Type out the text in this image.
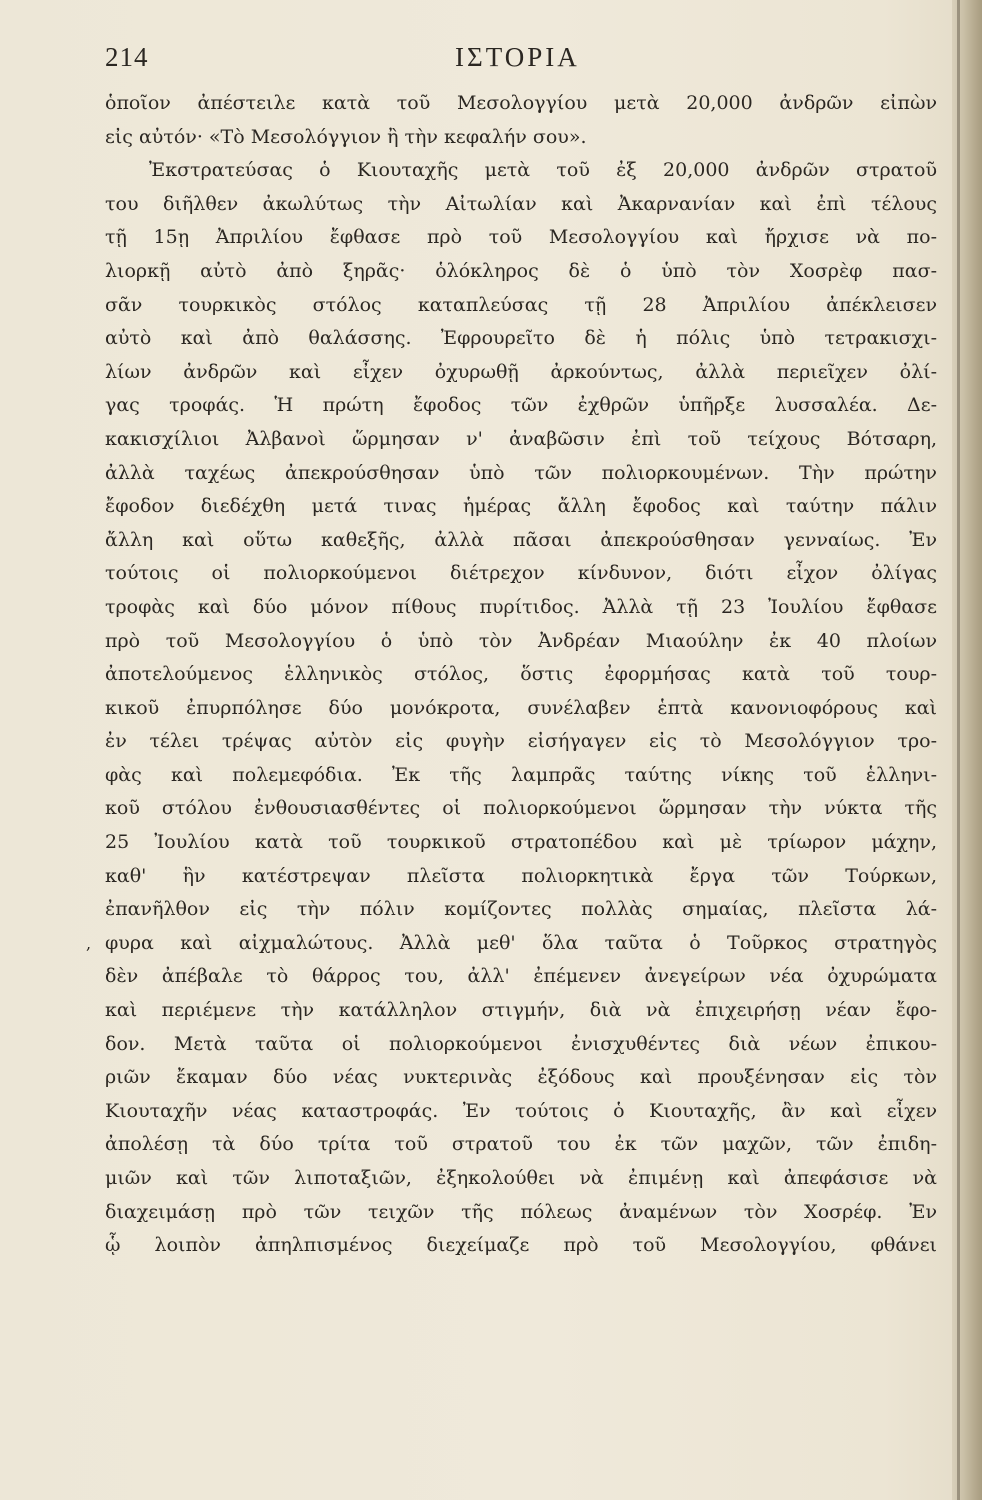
214	ΙΣΤΟΡΙΑ
,
ὁποῖον ἀπέστειλε κατὰ τοῦ Μεσολογγίου μετὰ 20,000 ἀνδρῶν εἰπὼν
εἰς αὐτόν· «Τὸ Μεσολόγγιον ἢ τὴν κεφαλήν σου».
Ἐκστρατεύσας ὁ Κιουταχῆς μετὰ τοῦ ἐξ 20,000 ἀνδρῶν στρατοῦ
του διῆλθεν ἀκωλύτως τὴν Αἰτωλίαν καὶ Ἀκαρνανίαν καὶ ἐπὶ τέλους
τῇ 15ῃ Ἀπριλίου ἔφθασε πρὸ τοῦ Μεσολογγίου καὶ ἤρχισε νὰ πο-
λιορκῇ αὐτὸ ἀπὸ ξηρᾶς· ὁλόκληρος δὲ ὁ ὑπὸ τὸν Χοσρὲφ πασ-
σᾶν τουρκικὸς στόλος καταπλεύσας τῇ 28 Ἀπριλίου ἀπέκλεισεν
αὐτὸ καὶ ἀπὸ θαλάσσης. Ἐφρουρεῖτο δὲ ἡ πόλις ὑπὸ τετρακισχι-
λίων ἀνδρῶν καὶ εἶχεν ὀχυρωθῇ ἀρκούντως, ἀλλὰ περιεῖχεν ὀλί-
γας τροφάς. Ἡ πρώτη ἔφοδος τῶν ἐχθρῶν ὑπῆρξε λυσσαλέα. Δε-
κακισχίλιοι Ἀλβανοὶ ὥρμησαν ν' ἀναβῶσιν ἐπὶ τοῦ τείχους Βότσαρη,
ἀλλὰ ταχέως ἀπεκρούσθησαν ὑπὸ τῶν πολιορκουμένων. Τὴν πρώτην
ἔφοδον διεδέχθη μετά τινας ἡμέρας ἄλλη ἔφοδος καὶ ταύτην πάλιν
ἄλλη καὶ οὕτω καθεξῆς, ἀλλὰ πᾶσαι ἀπεκρούσθησαν γενναίως. Ἐν
τούτοις οἱ πολιορκούμενοι διέτρεχον κίνδυνον, διότι εἶχον ὀλίγας
τροφὰς καὶ δύο μόνον πίθους πυρίτιδος. Ἀλλὰ τῇ 23 Ἰουλίου ἔφθασε
πρὸ τοῦ Μεσολογγίου ὁ ὑπὸ τὸν Ἀνδρέαν Μιαούλην ἐκ 40 πλοίων
ἀποτελούμενος ἑλληνικὸς στόλος, ὅστις ἐφορμήσας κατὰ τοῦ τουρ-
κικοῦ ἐπυρπόλησε δύο μονόκροτα, συνέλαβεν ἑπτὰ κανονιοφόρους καὶ
ἐν τέλει τρέψας αὐτὸν εἰς φυγὴν εἰσήγαγεν εἰς τὸ Μεσολόγγιον τρο-
φὰς καὶ πολεμεφόδια. Ἐκ τῆς λαμπρᾶς ταύτης νίκης τοῦ ἑλληνι-
κοῦ στόλου ἐνθουσιασθέντες οἱ πολιορκούμενοι ὥρμησαν τὴν νύκτα τῆς
25 Ἰουλίου κατὰ τοῦ τουρκικοῦ στρατοπέδου καὶ μὲ τρίωρον μάχην,
καθ' ἣν κατέστρεψαν πλεῖστα πολιορκητικὰ ἔργα τῶν Τούρκων,
ἐπανῆλθον εἰς τὴν πόλιν κομίζοντες πολλὰς σημαίας, πλεῖστα λά-
φυρα καὶ αἰχμαλώτους. Ἀλλὰ μεθ' ὅλα ταῦτα ὁ Τοῦρκος στρατηγὸς
δὲν ἀπέβαλε τὸ θάρρος του, ἀλλ' ἐπέμενεν ἀνεγείρων νέα ὀχυρώματα
καὶ περιέμενε τὴν κατάλληλον στιγμήν, διὰ νὰ ἐπιχειρήσῃ νέαν ἔφο-
δον. Μετὰ ταῦτα οἱ πολιορκούμενοι ἐνισχυθέντες διὰ νέων ἐπικου-
ριῶν ἔκαμαν δύο νέας νυκτερινὰς ἐξόδους καὶ προυξένησαν εἰς τὸν
Κιουταχῆν νέας καταστροφάς. Ἐν τούτοις ὁ Κιουταχῆς, ἂν καὶ εἶχεν
ἀπολέσῃ τὰ δύο τρίτα τοῦ στρατοῦ του ἐκ τῶν μαχῶν, τῶν ἐπιδη-
μιῶν καὶ τῶν λιποταξιῶν, ἐξηκολούθει νὰ ἐπιμένῃ καὶ ἀπεφάσισε νὰ
διαχειμάσῃ πρὸ τῶν τειχῶν τῆς πόλεως ἀναμένων τὸν Χοσρέφ. Ἐν
ᾧ λοιπὸν ἀπηλπισμένος διεχείμαζε πρὸ τοῦ Μεσολογγίου, φθάνει
